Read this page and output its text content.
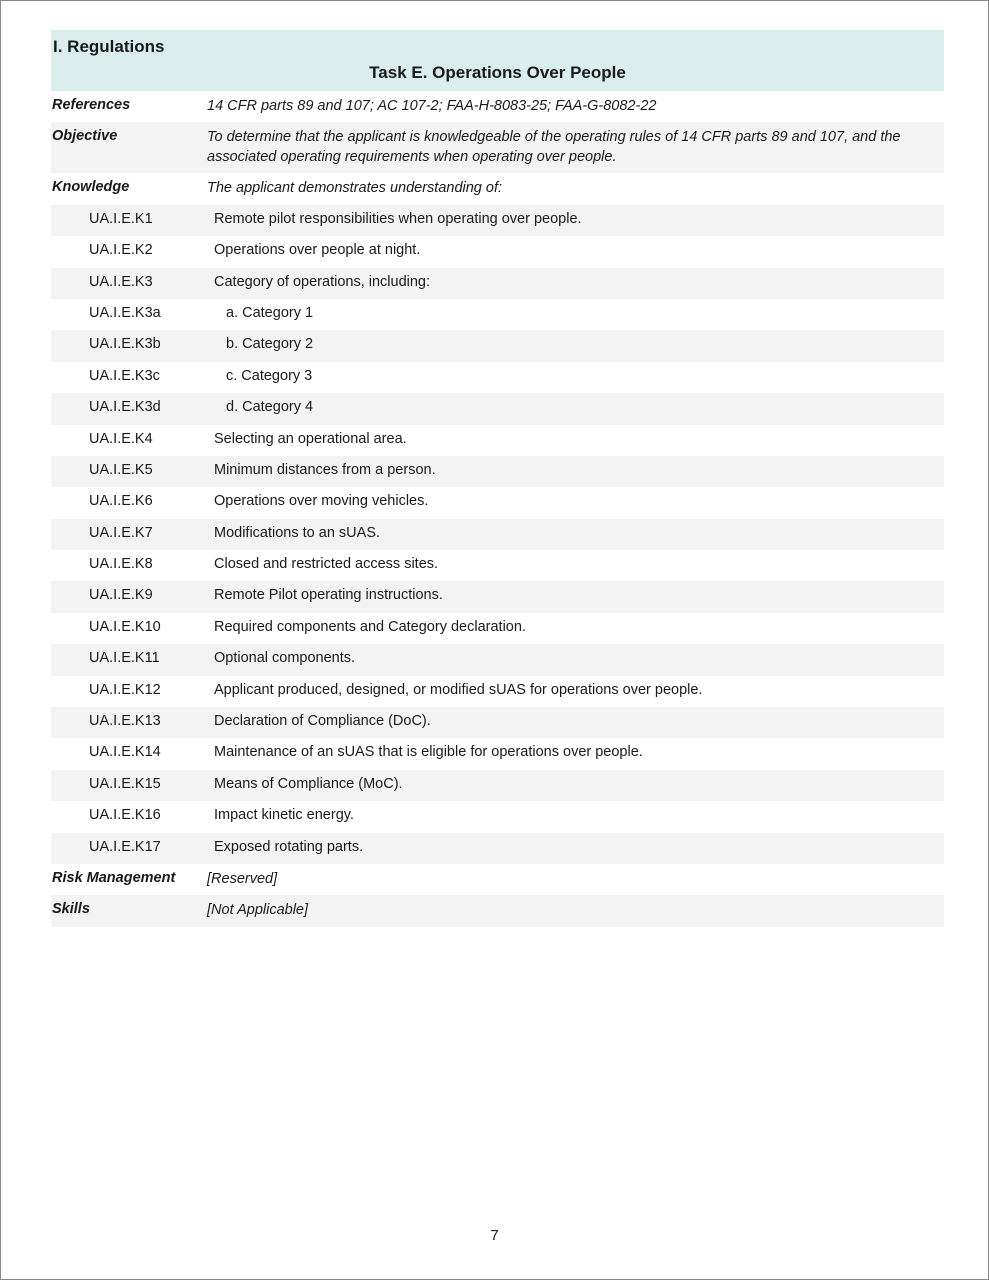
I. Regulations
Task E. Operations Over People
References	14 CFR parts 89 and 107; AC 107-2; FAA-H-8083-25; FAA-G-8082-22
Objective	To determine that the applicant is knowledgeable of the operating rules of 14 CFR parts 89 and 107, and the associated operating requirements when operating over people.
Knowledge	The applicant demonstrates understanding of:
UA.I.E.K1	Remote pilot responsibilities when operating over people.
UA.I.E.K2	Operations over people at night.
UA.I.E.K3	Category of operations, including:
UA.I.E.K3a	a. Category 1
UA.I.E.K3b	b. Category 2
UA.I.E.K3c	c. Category 3
UA.I.E.K3d	d. Category 4
UA.I.E.K4	Selecting an operational area.
UA.I.E.K5	Minimum distances from a person.
UA.I.E.K6	Operations over moving vehicles.
UA.I.E.K7	Modifications to an sUAS.
UA.I.E.K8	Closed and restricted access sites.
UA.I.E.K9	Remote Pilot operating instructions.
UA.I.E.K10	Required components and Category declaration.
UA.I.E.K11	Optional components.
UA.I.E.K12	Applicant produced, designed, or modified sUAS for operations over people.
UA.I.E.K13	Declaration of Compliance (DoC).
UA.I.E.K14	Maintenance of an sUAS that is eligible for operations over people.
UA.I.E.K15	Means of Compliance (MoC).
UA.I.E.K16	Impact kinetic energy.
UA.I.E.K17	Exposed rotating parts.
Risk Management [Reserved]
Skills	[Not Applicable]
7
